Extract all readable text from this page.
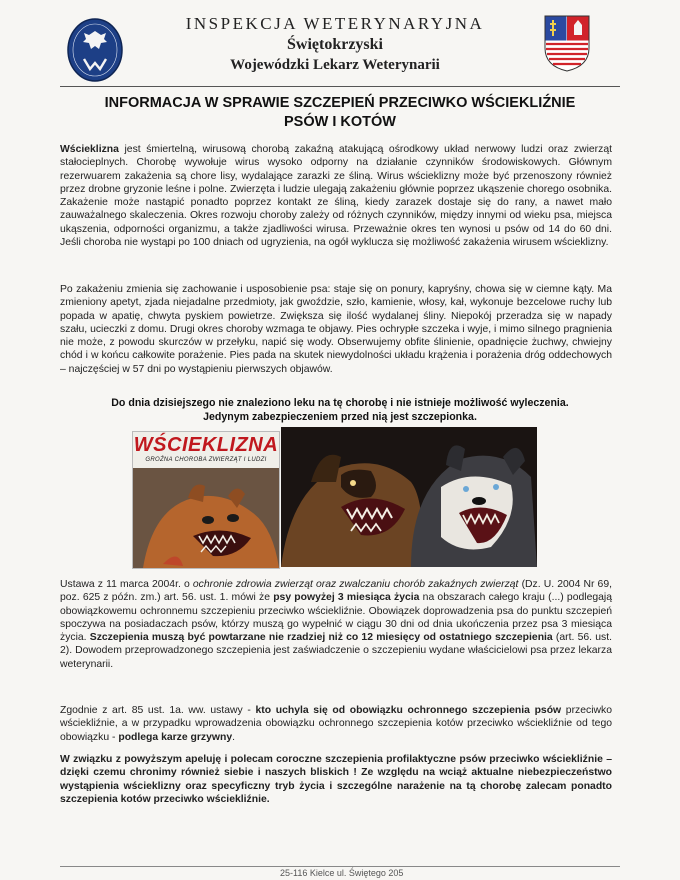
INSPEKCJA WETERYNARYJNA
Świętokrzyski
Wojewódzki Lekarz Weterynarii
INFORMACJA W SPRAWIE SZCZEPIEŃ PRZECIWKO WŚCIEKLIŹNIE
PSÓW I KOTÓW
Wścieklizna jest śmiertelną, wirusową chorobą zakaźną atakującą ośrodkowy układ nerwowy ludzi oraz zwierząt stałocieplnych. Chorobę wywołuje wirus wysoko odporny na działanie czynników środowiskowych. Głównym rezerwuarem zakażenia są chore lisy, wydalające zarazki ze śliną. Wirus wścieklizny może być przenoszony również przez drobne gryzonie leśne i polne. Zwierzęta i ludzie ulegają zakażeniu głównie poprzez ukąszenie chorego osobnika. Zakażenie może nastąpić ponadto poprzez kontakt ze śliną, kiedy zarazek dostaje się do rany, a nawet mało zauważalnego skaleczenia. Okres rozwoju choroby zależy od różnych czynników, między innymi od wieku psa, miejsca ukąszenia, odporności organizmu, a także zjadliwości wirusa. Przeważnie okres ten wynosi u psów od 14 do 60 dni. Jeśli choroba nie wystąpi po 100 dniach od ugryzienia, na ogół wyklucza się możliwość zakażenia wirusem wścieklizny.
Po zakażeniu zmienia się zachowanie i usposobienie psa: staje się on ponury, kapryśny, chowa się w ciemne kąty. Ma zmieniony apetyt, zjada niejadalne przedmioty, jak gwoździe, szło, kamienie, włosy, kał, wykonuje bezcelowe ruchy lub popada w apatię, chwyta pyskiem powietrze. Zwiększa się ilość wydalanej śliny. Niepokój przeradza się w napady szału, ucieczki z domu. Drugi okres choroby wzmaga te objawy. Pies ochrypłe szczeka i wyje, i mimo silnego pragnienia nie może, z powodu skurczów w przełyku, napić się wody. Obserwujemy obfite ślinienie, opadnięcie żuchwy, chwiejny chód i w końcu całkowite porażenie. Pies pada na skutek niewydolności układu krążenia i porażenia dróg oddechowych – najczęściej w 57 dni po wystąpieniu pierwszych objawów.
Do dnia dzisiejszego nie znaleziono leku na tę chorobę i nie istnieje możliwość wyleczenia.
Jedynym zabezpieczeniem przed nią jest szczepionka.
WŚCIEKLIZNA
GROŹNA CHOROBA ZWIERZĄT I LUDZI
Ustawa z 11 marca 2004r. o ochronie zdrowia zwierząt oraz zwalczaniu chorób zakaźnych zwierząt (Dz. U. 2004 Nr 69, poz. 625 z późn. zm.) art. 56. ust. 1. mówi że psy powyżej 3 miesiąca życia na obszarach całego kraju (...) podlegają obowiązkowemu ochronnemu szczepieniu przeciwko wściekliźnie. Obowiązek doprowadzenia psa do punktu szczepień spoczywa na posiadaczach psów, którzy muszą go wypełnić w ciągu 30 dni od dnia ukończenia przez psa 3 miesiąca życia. Szczepienia muszą być powtarzane nie rzadziej niż co 12 miesięcy od ostatniego szczepienia (art. 56. ust. 2). Dowodem przeprowadzonego szczepienia jest zaświadczenie o szczepieniu wydane właścicielowi psa przez lekarza weterynarii.
Zgodnie z art. 85 ust. 1a. ww. ustawy - kto uchyla się od obowiązku ochronnego szczepienia psów przeciwko wściekliźnie, a w przypadku wprowadzenia obowiązku ochronnego szczepienia kotów przeciwko wściekliźnie od tego obowiązku - podlega karze grzywny.
W związku z powyższym apeluję i polecam coroczne szczepienia profilaktyczne psów przeciwko wściekliźnie – dzięki czemu chronimy również siebie i naszych bliskich ! Ze względu na wciąż aktualne niebezpieczeństwo wystąpienia wścieklizny oraz specyficzny tryb życia i szczególne narażenie na tą chorobę zalecam ponadto szczepienia kotów przeciwko wściekliźnie.
25-116 Kielce ul. Świętego 205
